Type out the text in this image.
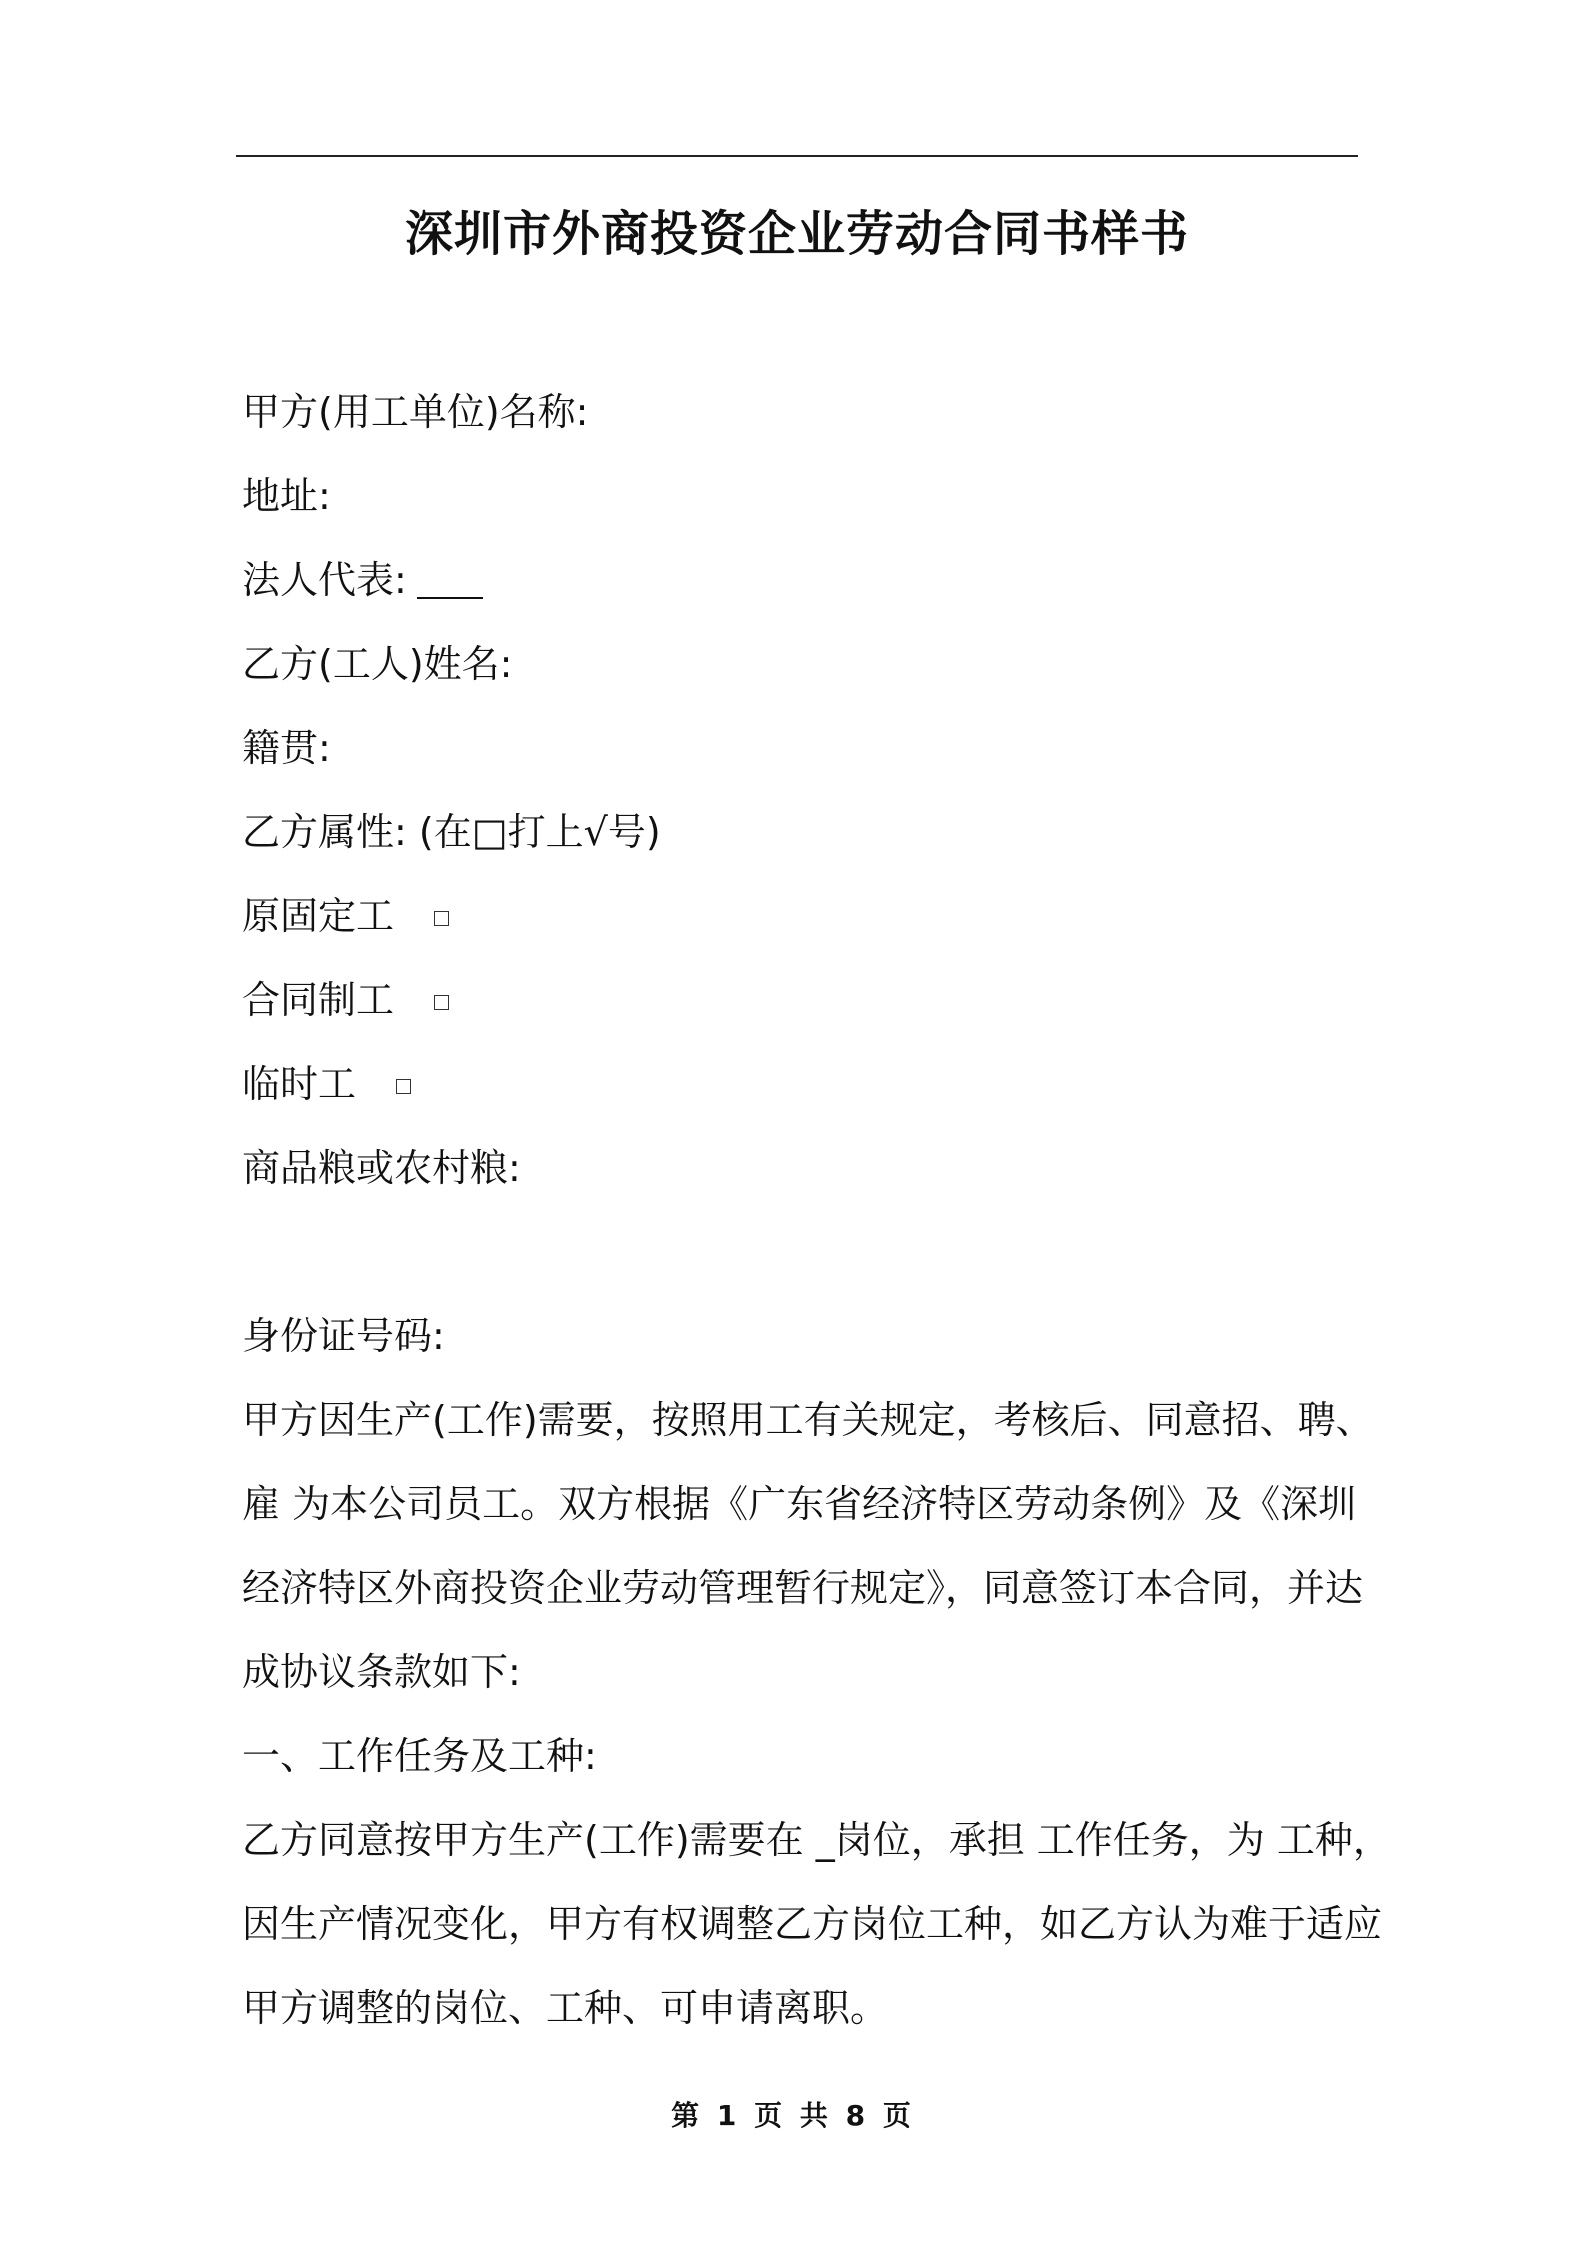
深圳市外商投资企业劳动合同书样书
甲方(用工单位)名称:
地址:
法人代表:
乙方(工人)姓名:
籍贯:
乙方属性: (在□打上√号)
原固定工
合同制工
临时工
商品粮或农村粮:
身份证号码:
甲方因生产(工作)需要，按照用工有关规定，考核后、同意招、聘、
雇 为本公司员工。双方根据《广东省经济特区劳动条例》及《深圳
经济特区外商投资企业劳动管理暂行规定》，同意签订本合同，并达
成协议条款如下:
一、工作任务及工种:
乙方同意按甲方生产(工作)需要在 _岗位，承担 工作任务，为 工种，
因生产情况变化，甲方有权调整乙方岗位工种，如乙方认为难于适应
甲方调整的岗位、工种、可申请离职。
第 1 页 共 8 页
